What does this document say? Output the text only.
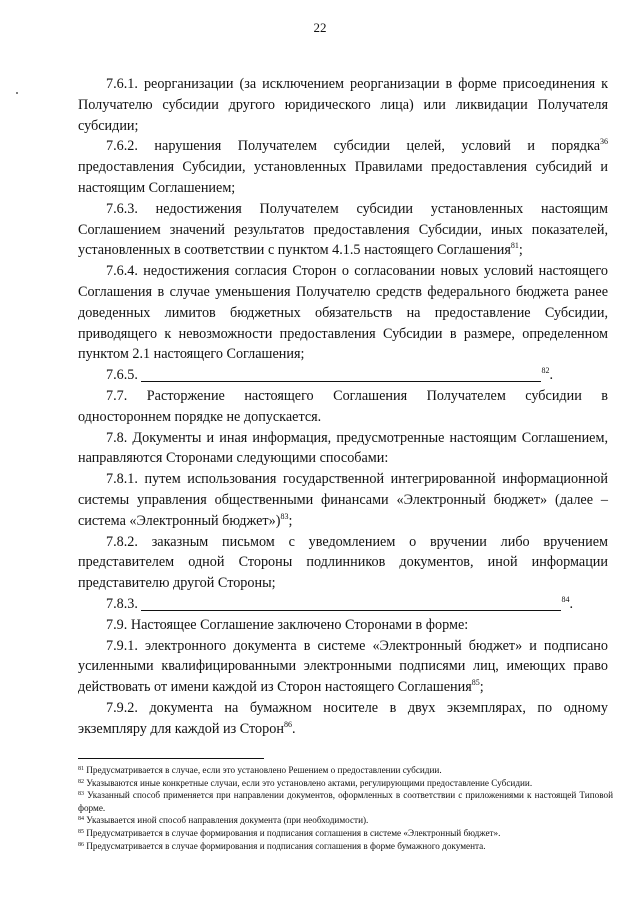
22

7.6.1. реорганизации (за исключением реорганизации в форме присоединения к Получателю субсидии другого юридического лица) или ликвидации Получателя субсидии;

7.6.2. нарушения Получателем субсидии целей, условий и порядка$^{36}$ предоставления Субсидии, установленных Правилами предоставления субсидий и настоящим Соглашением;

7.6.3. недостижения Получателем субсидии установленных настоящим Соглашением значений результатов предоставления Субсидии, иных показателей, установленных в соответствии с пунктом 4.1.5 настоящего Соглашения$^{81}$;

7.6.4. недостижения согласия Сторон о согласовании новых условий настоящего Соглашения в случае уменьшения Получателю средств федерального бюджета ранее доведенных лимитов бюджетных обязательств на предоставление Субсидии, приводящего к невозможности предоставления Субсидии в размере, определенном пунктом 2.1 настоящего Соглашения;

7.6.5.	$^{82}$.

7.7. Расторжение настоящего Соглашения Получателем субсидии в одностороннем порядке не допускается.

7.8. Документы и иная информация, предусмотренные настоящим Соглашением, направляются Сторонами следующими способами:

7.8.1. путем использования государственной интегрированной информационной системы управления общественными финансами «Электронный бюджет» (далее – система «Электронный бюджет»)$^{83}$;

7.8.2. заказным письмом с уведомлением о вручении либо вручением представителем одной Стороны подлинников документов, иной информации представителю другой Стороны;

7.8.3.	$^{84}$.

7.9. Настоящее Соглашение заключено Сторонами в форме:

7.9.1. электронного документа в системе «Электронный бюджет» и подписано усиленными квалифицированными электронными подписями лиц, имеющих право действовать от имени каждой из Сторон настоящего Соглашения$^{85}$;

7.9.2. документа на бумажном носителе в двух экземплярах, по одному экземпляру для каждой из Сторон$^{86}$.

$^{81}$ Предусматривается в случае, если это установлено Решением о предоставлении субсидии.

$^{82}$ Указываются иные конкретные случаи, если это установлено актами, регулирующими предоставление Субсидии.

$^{83}$ Указанный способ применяется при направлении документов, оформленных в соответствии с приложениями к настоящей Типовой форме.

$^{84}$ Указывается иной способ направления документа (при необходимости).

$^{85}$ Предусматривается в случае формирования и подписания соглашения в системе «Электронный бюджет».

$^{86}$ Предусматривается в случае формирования и подписания соглашения в форме бумажного документа.
